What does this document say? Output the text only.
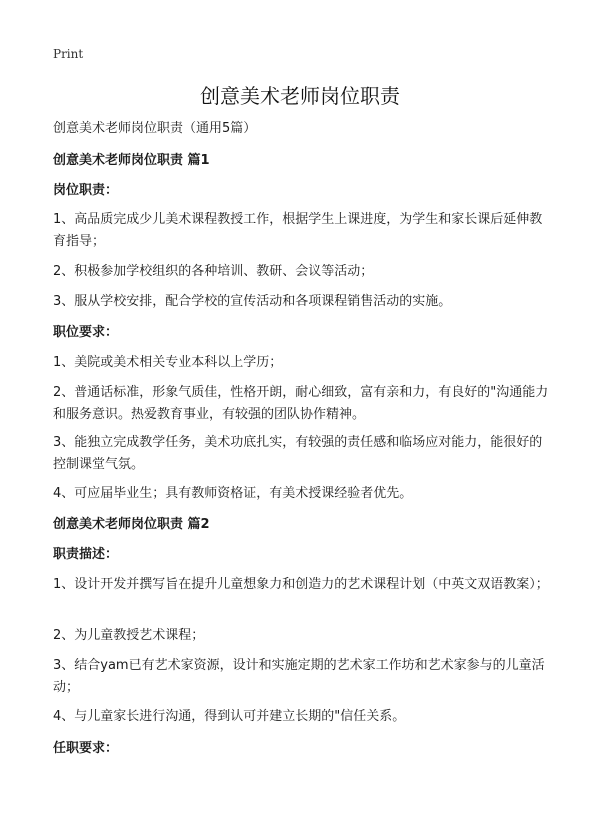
Print
创意美术老师岗位职责

创意美术老师岗位职责（通用5篇）

创意美术老师岗位职责 篇1

岗位职责：

1、高品质完成少儿美术课程教授工作，根据学生上课进度，为学生和家长课后延伸教育指导；

2、积极参加学校组织的各种培训、教研、会议等活动；

3、服从学校安排，配合学校的宣传活动和各项课程销售活动的实施。

职位要求：

1、美院或美术相关专业本科以上学历；

2、普通话标准，形象气质佳，性格开朗，耐心细致，富有亲和力，有良好的"沟通能力和服务意识。热爱教育事业，有较强的团队协作精神。

3、能独立完成教学任务，美术功底扎实，有较强的责任感和临场应对能力，能很好的控制课堂气氛。

4、可应届毕业生；具有教师资格证，有美术授课经验者优先。

创意美术老师岗位职责 篇2

职责描述：

1、设计开发并撰写旨在提升儿童想象力和创造力的艺术课程计划（中英文双语教案）；

2、为儿童教授艺术课程；

3、结合yam已有艺术家资源，设计和实施定期的艺术家工作坊和艺术家参与的儿童活动；

4、与儿童家长进行沟通，得到认可并建立长期的"信任关系。

任职要求：
